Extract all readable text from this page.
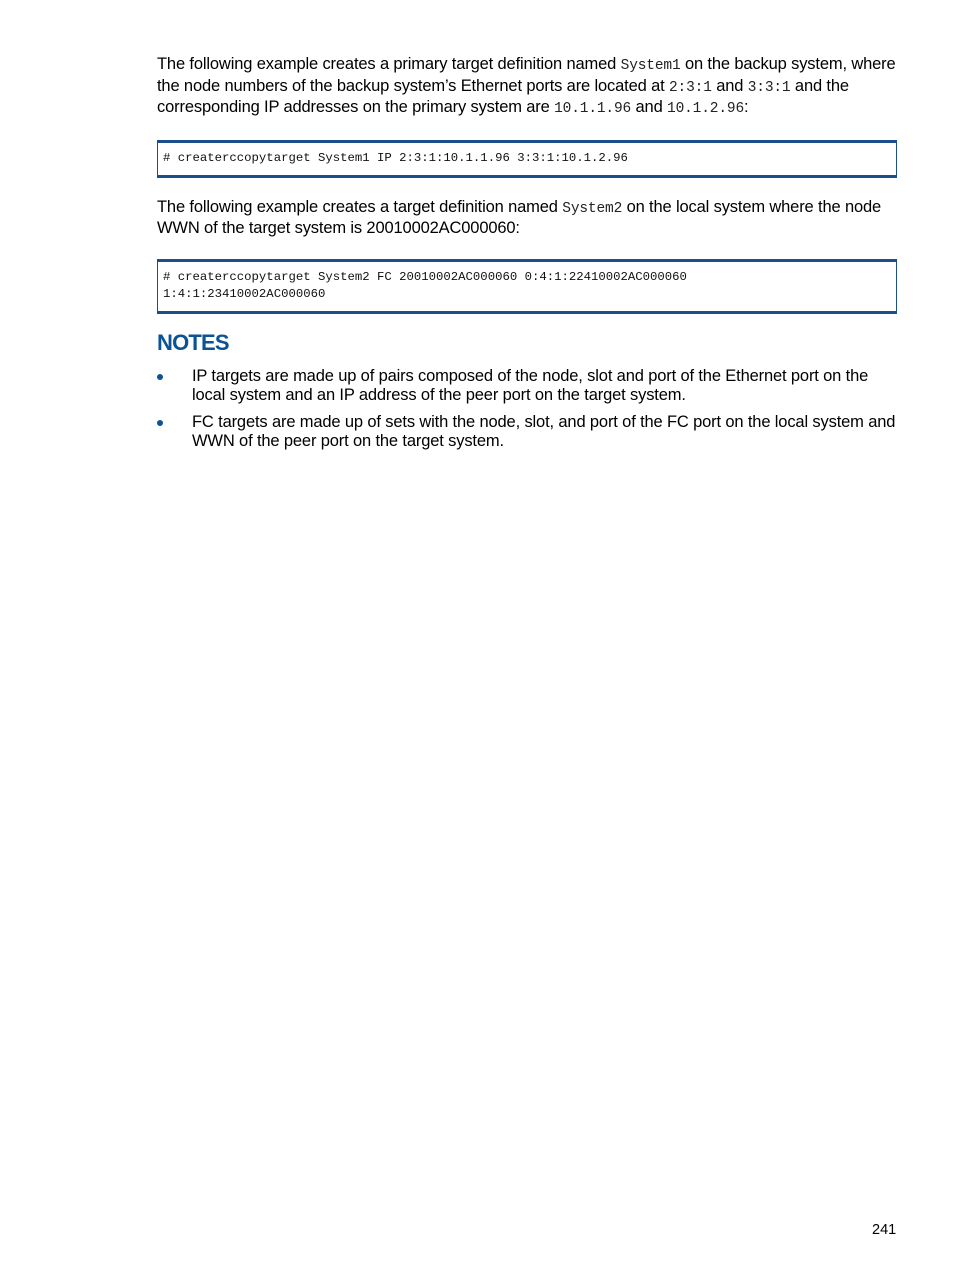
The following example creates a primary target definition named System1 on the backup system, where the node numbers of the backup system’s Ethernet ports are located at 2:3:1 and 3:3:1 and the corresponding IP addresses on the primary system are 10.1.1.96 and 10.1.2.96:

# createrccopytarget System1 IP 2:3:1:10.1.1.96 3:3:1:10.1.2.96

The following example creates a target definition named System2 on the local system where the node WWN of the target system is 20010002AC000060:

# createrccopytarget System2 FC 20010002AC000060 0:4:1:22410002AC000060
1:4:1:23410002AC000060
NOTES
IP targets are made up of pairs composed of the node, slot and port of the Ethernet port on the local system and an IP address of the peer port on the target system.
FC targets are made up of sets with the node, slot, and port of the FC port on the local system and WWN of the peer port on the target system.
241
